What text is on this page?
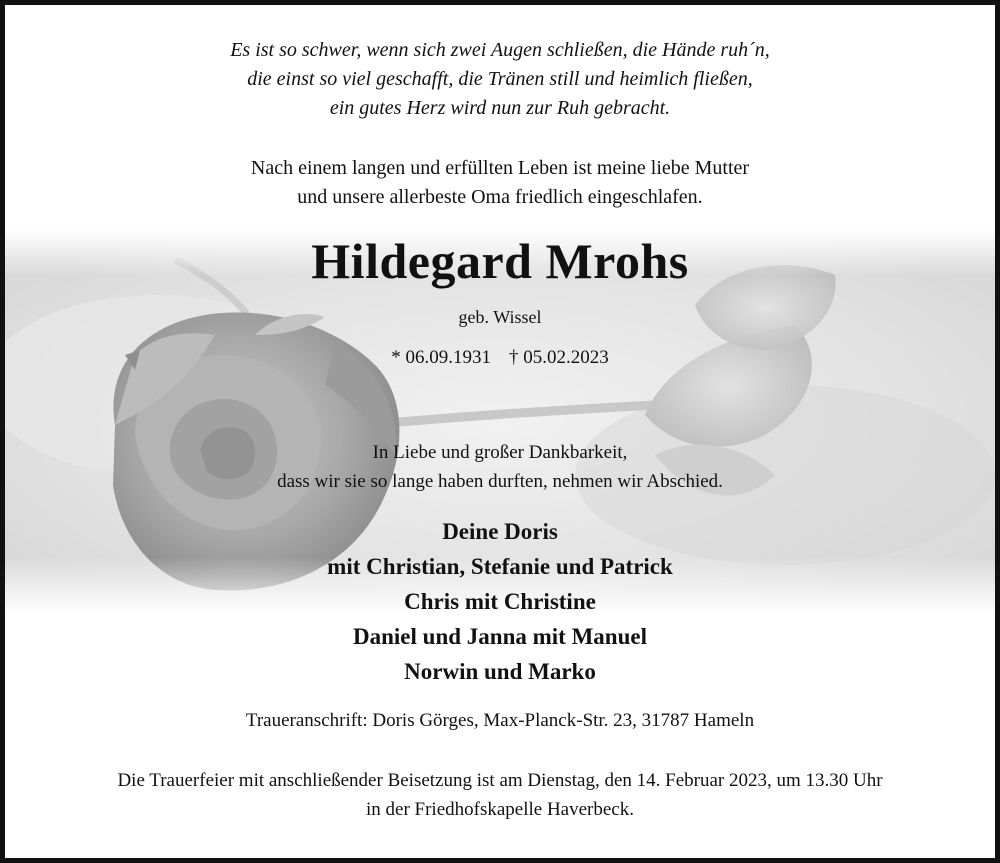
Es ist so schwer, wenn sich zwei Augen schließen, die Hände ruh´n,
die einst so viel geschafft, die Tränen still und heimlich fließen,
ein gutes Herz wird nun zur Ruh gebracht.
Nach einem langen und erfüllten Leben ist meine liebe Mutter
und unsere allerbeste Oma friedlich eingeschlafen.
Hildegard Mrohs
geb. Wissel
* 06.09.1931 † 05.02.2023
In Liebe und großer Dankbarkeit,
dass wir sie so lange haben durften, nehmen wir Abschied.
Deine Doris
mit Christian, Stefanie und Patrick
Chris mit Christine
Daniel und Janna mit Manuel
Norwin und Marko
Traueranschrift: Doris Görges, Max-Planck-Str. 23, 31787 Hameln
Die Trauerfeier mit anschließender Beisetzung ist am Dienstag, den 14. Februar 2023, um 13.30 Uhr
in der Friedhofskapelle Haverbeck.
